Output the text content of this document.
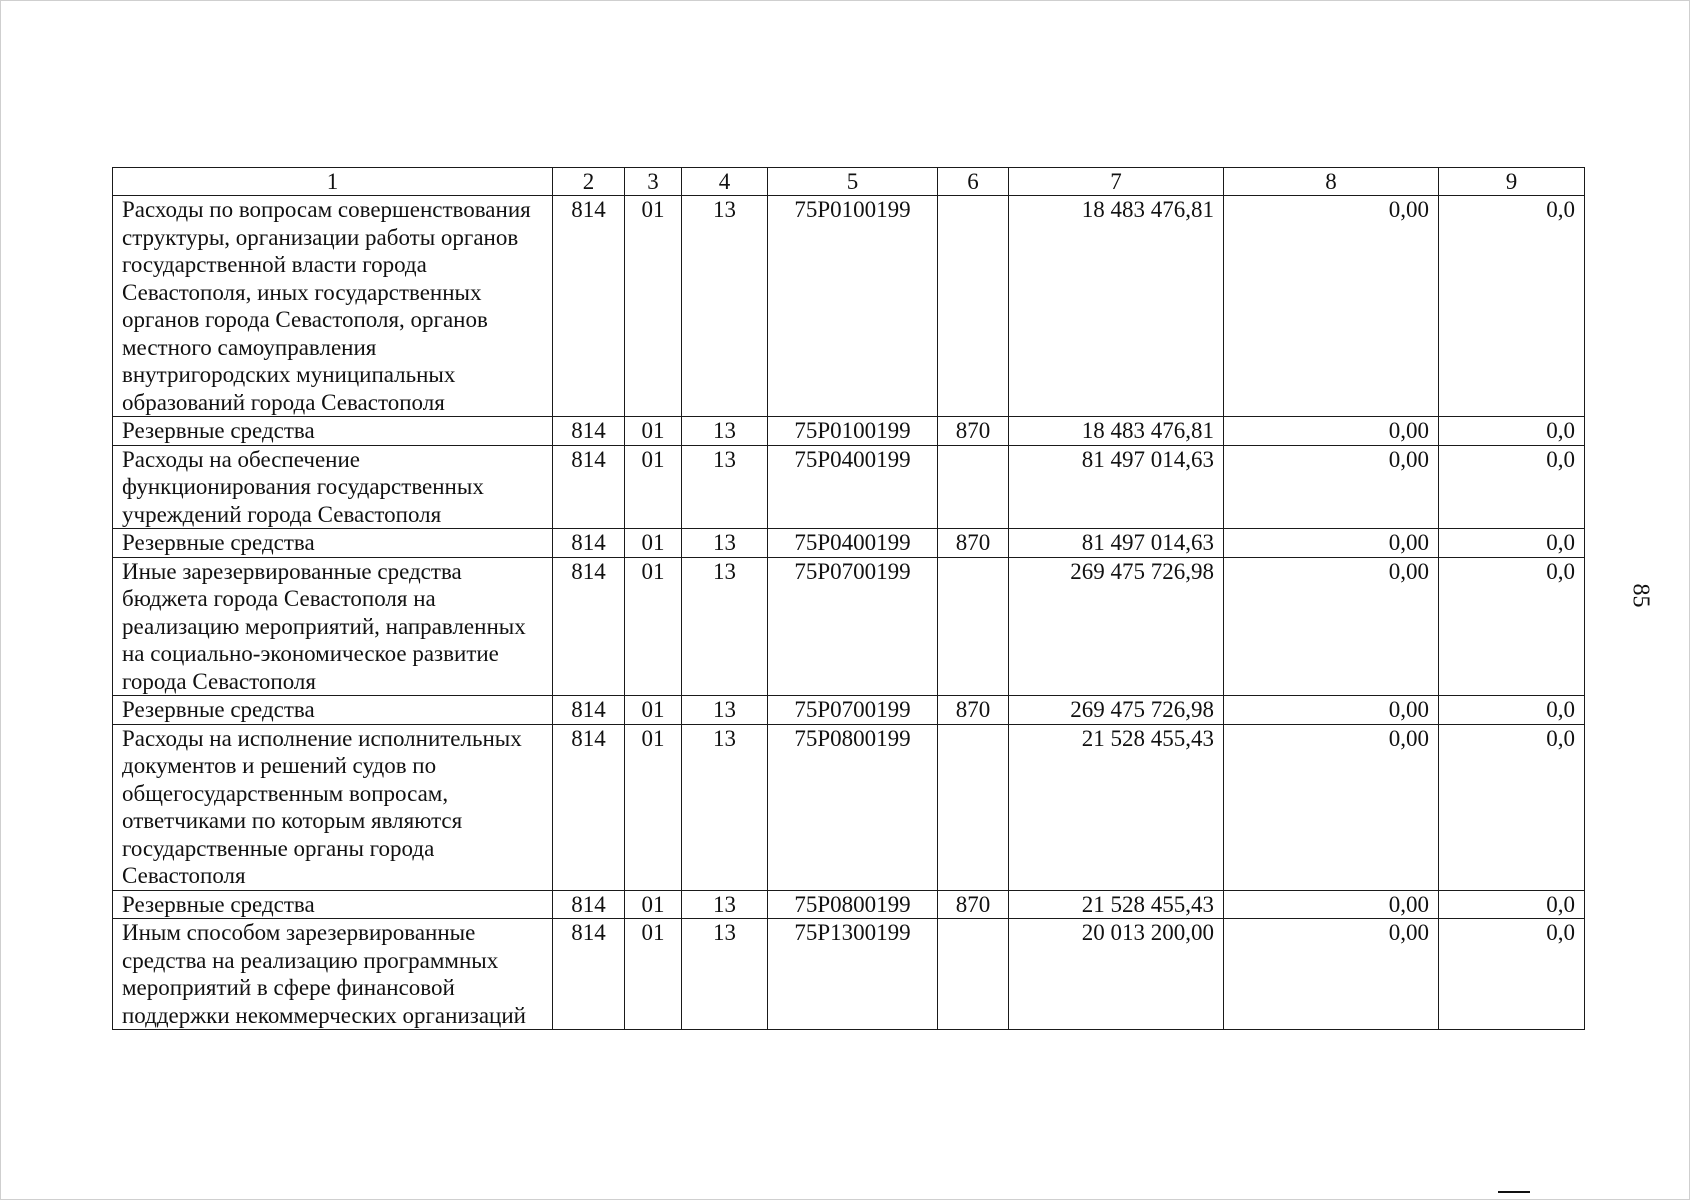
1	2	3	4	5	6	7	8	9
Расходы по вопросам совершенствования структуры, организации работы органов государственной власти города Севастополя, иных государственных органов города Севастополя, органов местного самоуправления внутригородских муниципальных образований города Севастополя	814	01	13	75Р0100199		18 483 476,81	0,00	0,0
Резервные средства	814	01	13	75Р0100199	870	18 483 476,81	0,00	0,0
Расходы на обеспечение функционирования государственных учреждений города Севастополя	814	01	13	75Р0400199		81 497 014,63	0,00	0,0
Резервные средства	814	01	13	75Р0400199	870	81 497 014,63	0,00	0,0
Иные зарезервированные средства бюджета города Севастополя на реализацию мероприятий, направленных на социально-экономическое развитие города Севастополя	814	01	13	75Р0700199		269 475 726,98	0,00	0,0
Резервные средства	814	01	13	75Р0700199	870	269 475 726,98	0,00	0,0
Расходы на исполнение исполнительных документов и решений судов по общегосударственным вопросам, ответчиками по которым являются государственные органы города Севастополя	814	01	13	75Р0800199		21 528 455,43	0,00	0,0
Резервные средства	814	01	13	75Р0800199	870	21 528 455,43	0,00	0,0
Иным способом зарезервированные средства на реализацию программных мероприятий в сфере финансовой поддержки некоммерческих организаций	814	01	13	75Р1300199		20 013 200,00	0,00	0,0
85
